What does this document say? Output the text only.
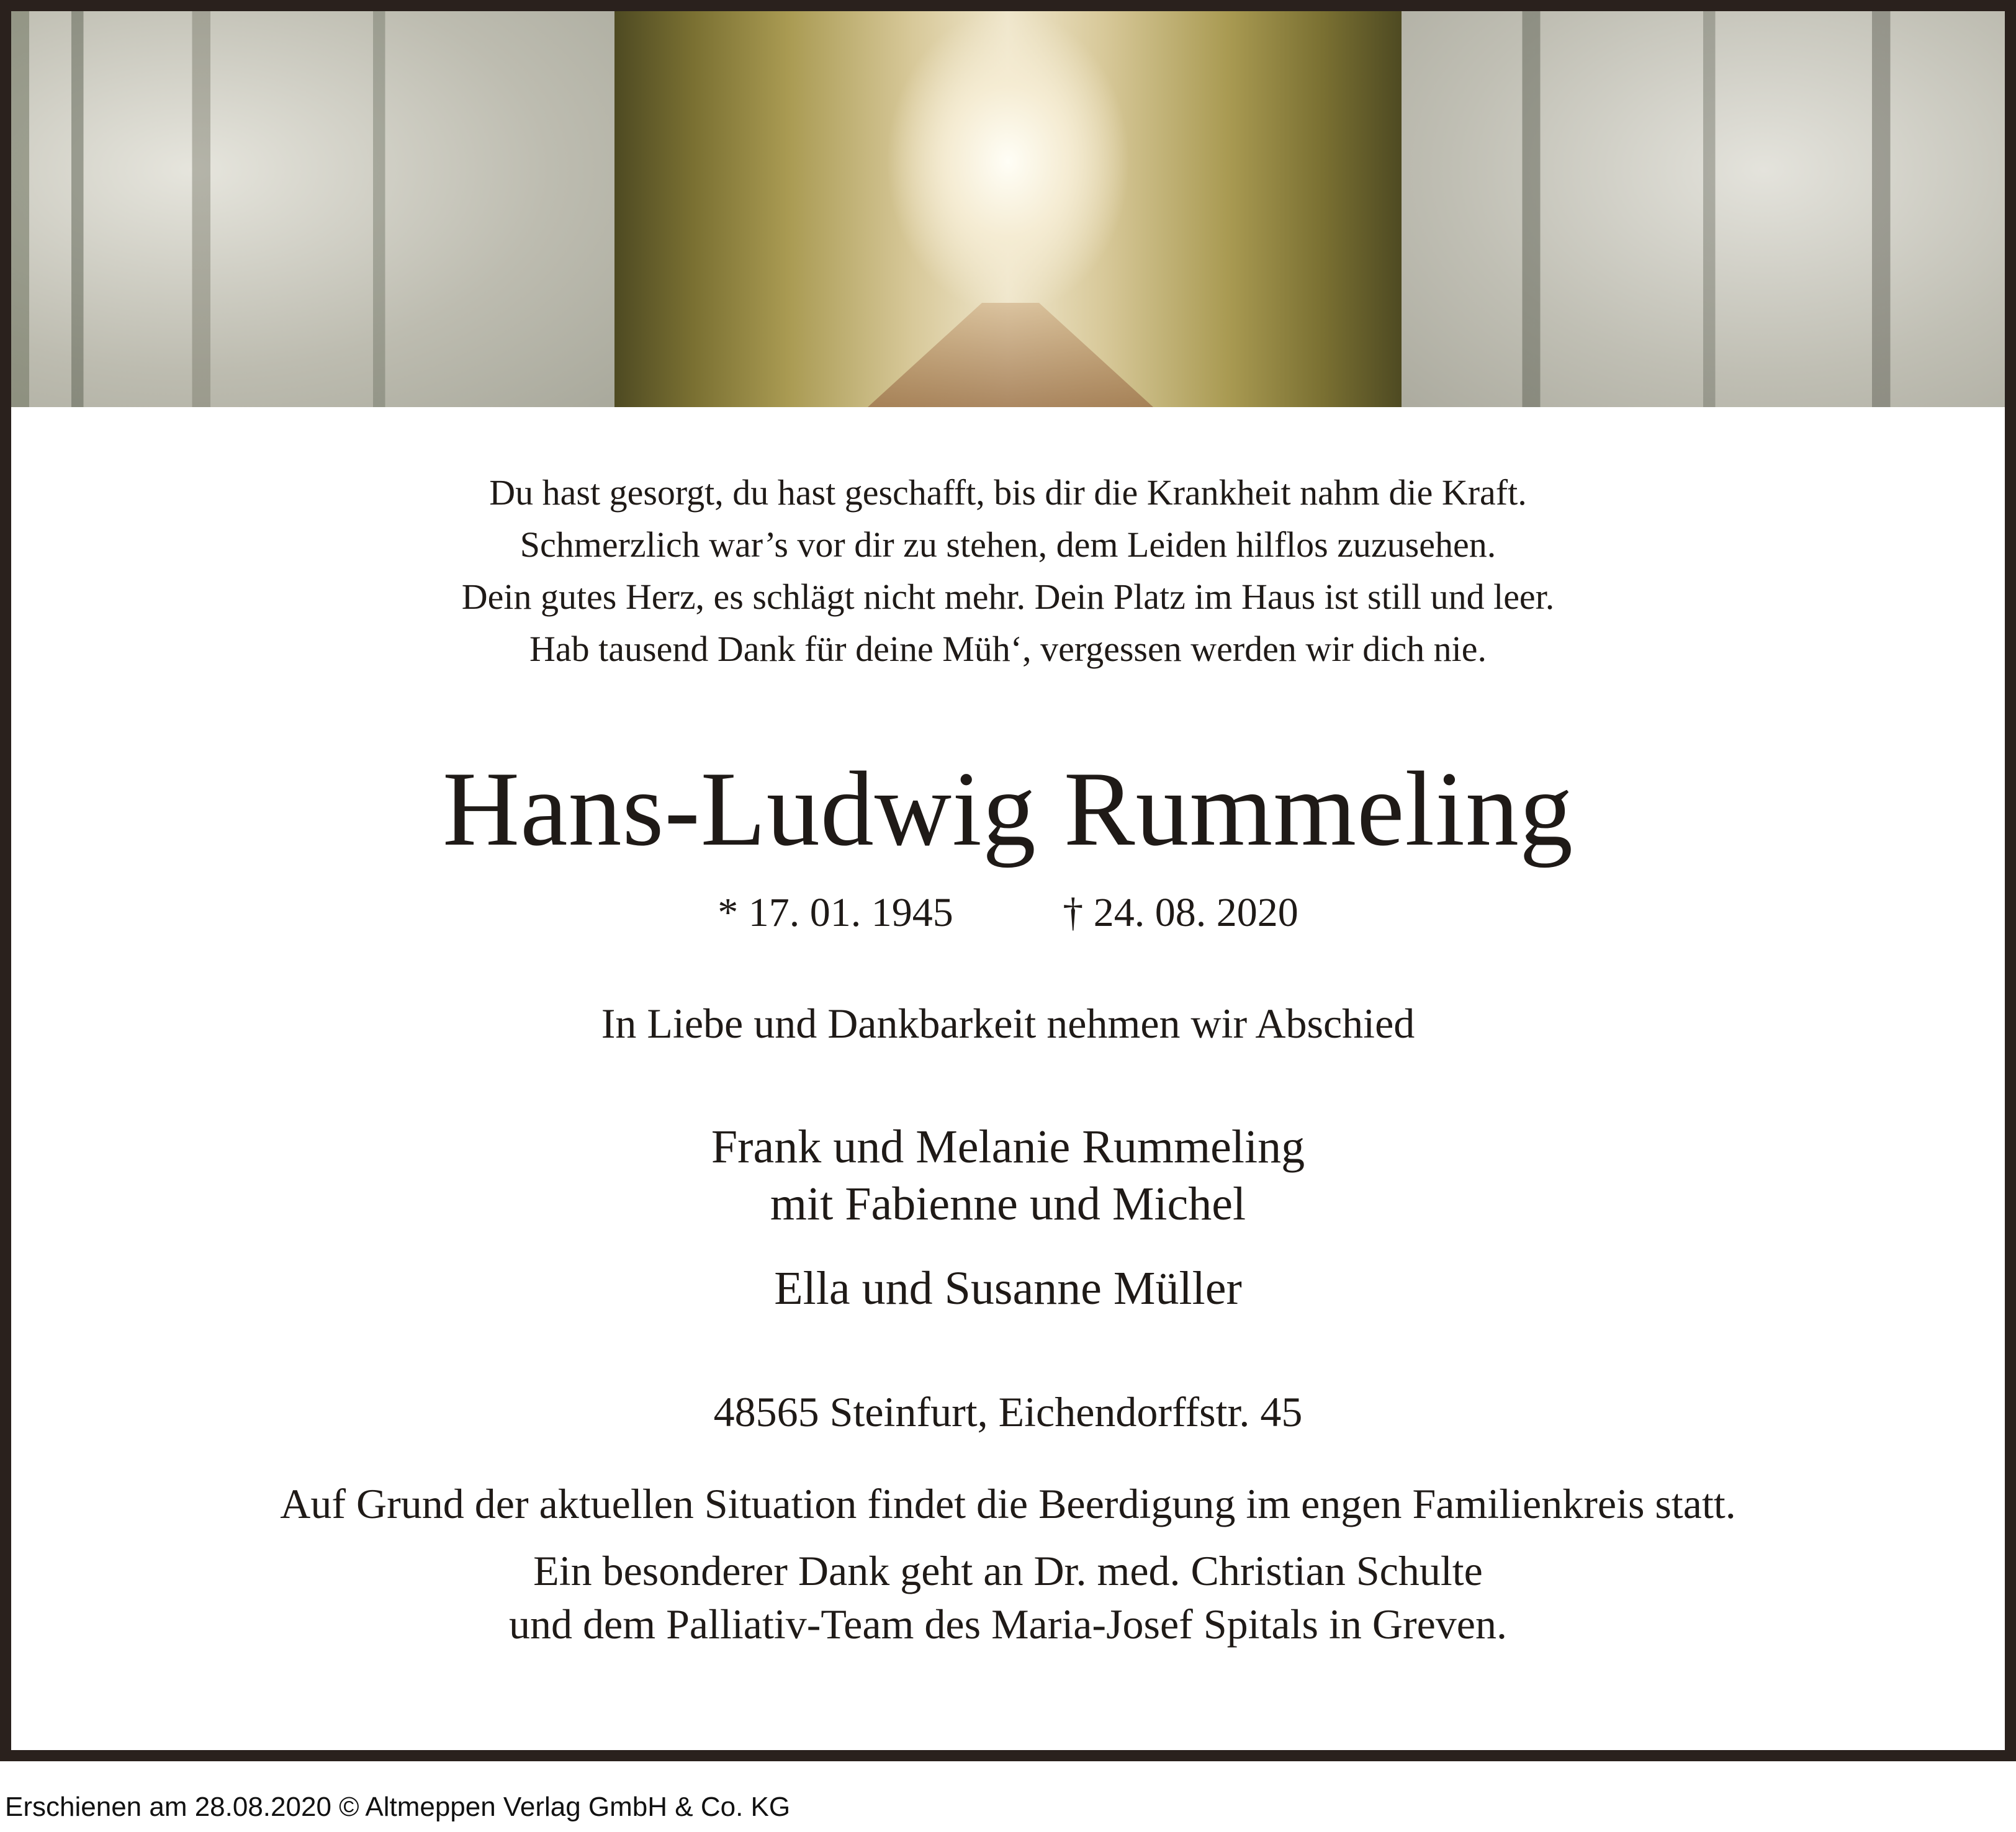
Du hast gesorgt, du hast geschafft, bis dir die Krankheit nahm die Kraft.
Schmerzlich war’s vor dir zu stehen, dem Leiden hilflos zuzusehen.
Dein gutes Herz, es schlägt nicht mehr. Dein Platz im Haus ist still und leer.
Hab tausend Dank für deine Müh‘, vergessen werden wir dich nie.
Hans-Ludwig Rummeling
* 17. 01. 1945	† 24. 08. 2020
In Liebe und Dankbarkeit nehmen wir Abschied
Frank und Melanie Rummeling
mit Fabienne und Michel
Ella und Susanne Müller
48565 Steinfurt, Eichendorffstr. 45
Auf Grund der aktuellen Situation findet die Beerdigung im engen Familienkreis statt.
Ein besonderer Dank geht an Dr. med. Christian Schulte
und dem Palliativ-Team des Maria-Josef Spitals in Greven.
Erschienen am 28.08.2020 © Altmeppen Verlag GmbH & Co. KG
